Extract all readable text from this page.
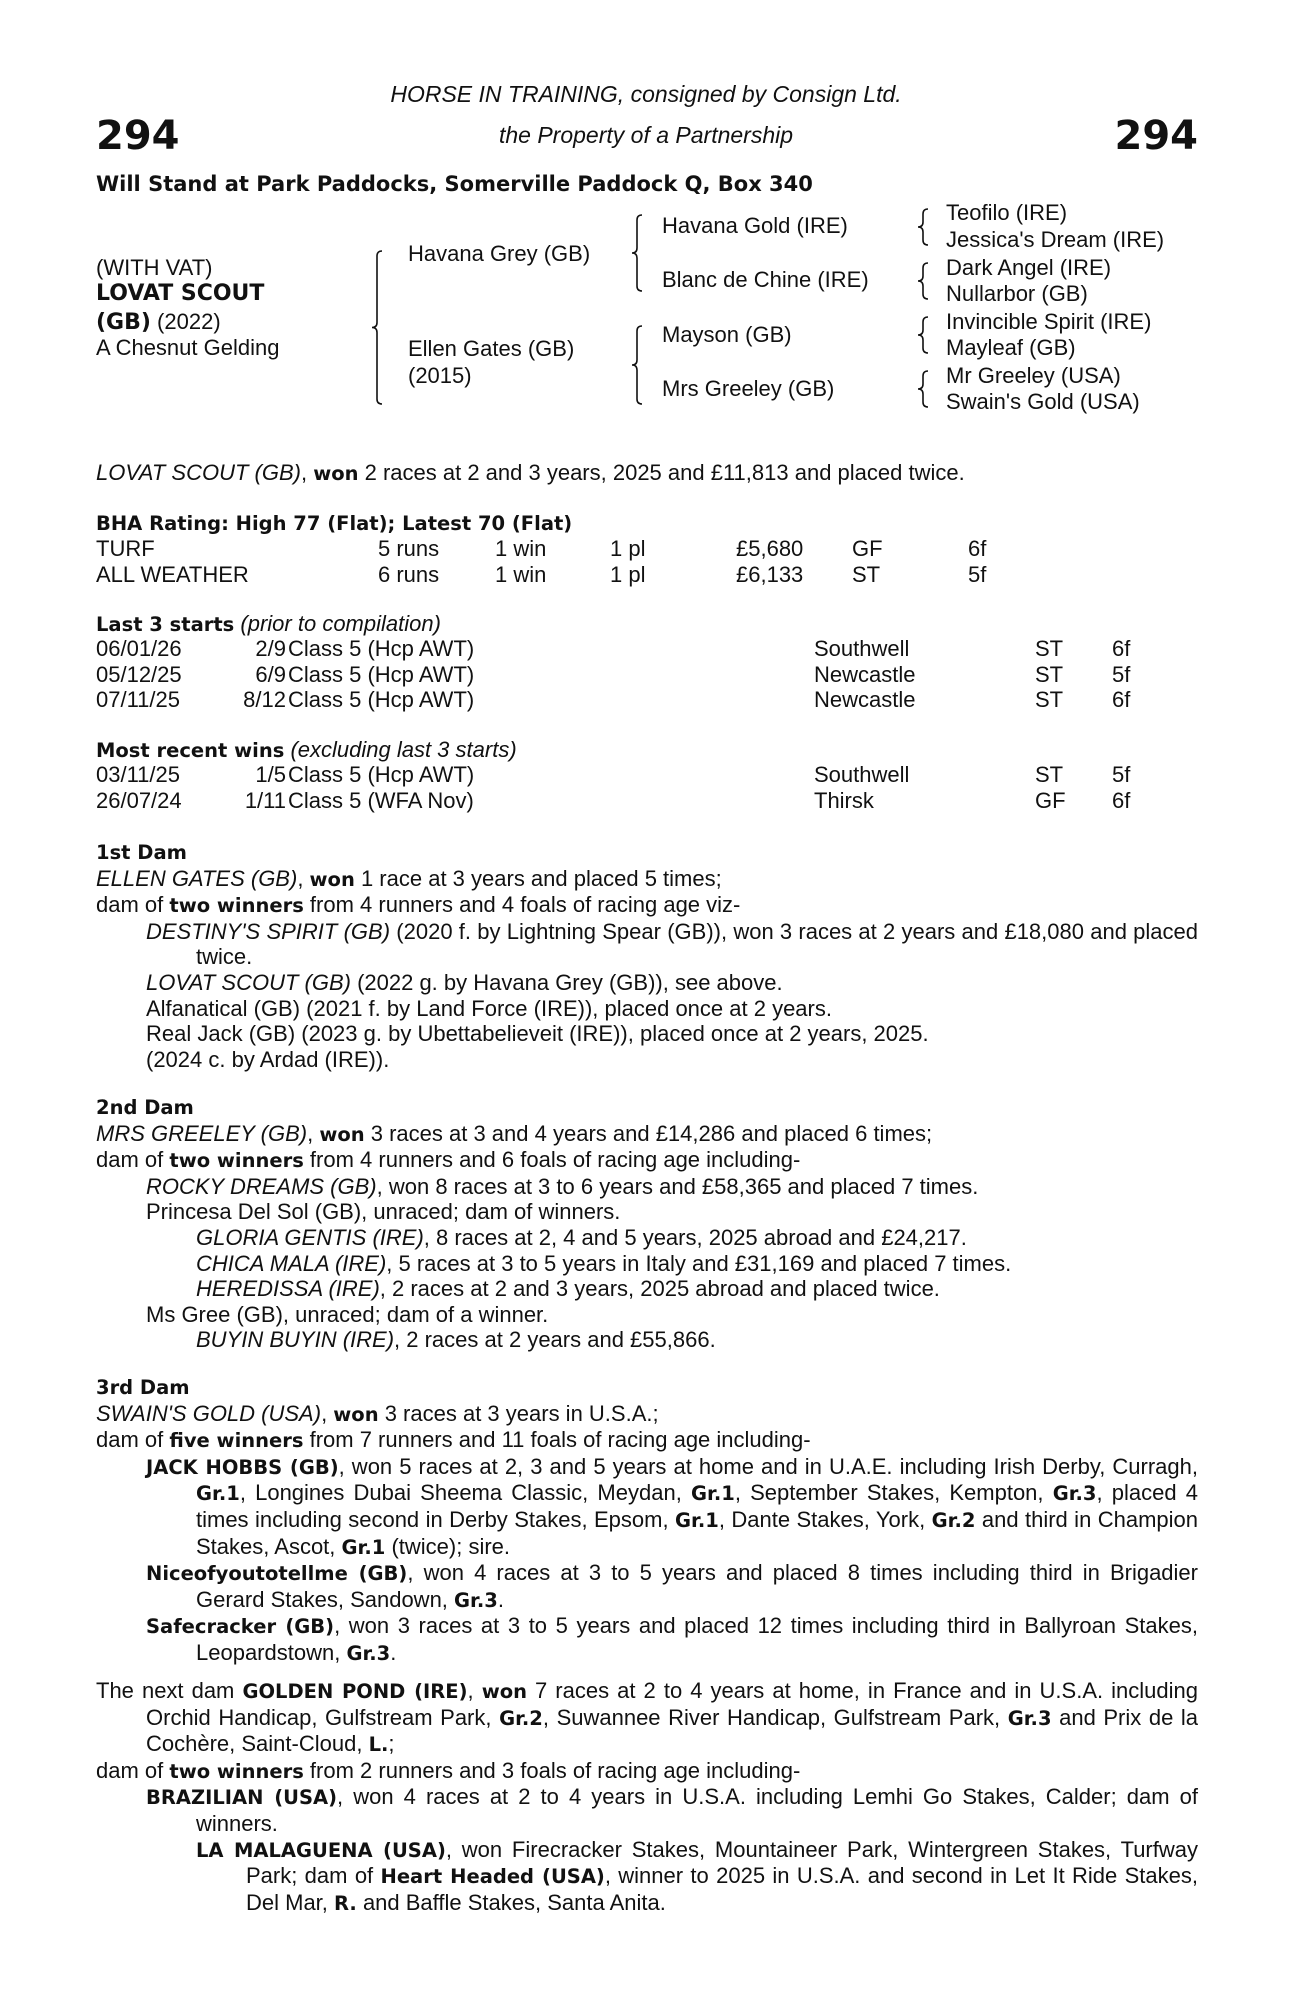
HORSE IN TRAINING, consigned by Consign Ltd.
the Property of a Partnership
294	294
Will Stand at Park Paddocks, Somerville Paddock Q, Box 340
(WITH VAT)
LOVAT SCOUT
(GB) (2022)
A Chesnut Gelding
Havana Grey (GB)
Ellen Gates (GB)
(2015)
Havana Gold (IRE)
Blanc de Chine (IRE)
Mayson (GB)
Mrs Greeley (GB)
Teofilo (IRE)
Jessica's Dream (IRE)
Dark Angel (IRE)
Nullarbor (GB)
Invincible Spirit (IRE)
Mayleaf (GB)
Mr Greeley (USA)
Swain's Gold (USA)
LOVAT SCOUT (GB), won 2 races at 2 and 3 years, 2025 and £11,813 and placed twice.
BHA Rating: High 77 (Flat); Latest 70 (Flat)
TURF	5 runs	1 win	1 pl	£5,680 GF	6f
ALL WEATHER	6 runs	1 win	1 pl	£6,133 ST	5f
Last 3 starts (prior to compilation)
06/01/26	2/9 Class 5 (Hcp AWT)	Southwell	ST 6f
05/12/25	6/9 Class 5 (Hcp AWT)	Newcastle	ST 5f
07/11/25	8/12 Class 5 (Hcp AWT)	Newcastle	ST 6f
Most recent wins (excluding last 3 starts)
03/11/25	1/5 Class 5 (Hcp AWT)	Southwell	ST 5f
26/07/24	1/11 Class 5 (WFA Nov)	Thirsk	GF 6f
1st Dam
ELLEN GATES (GB), won 1 race at 3 years and placed 5 times;
dam of two winners from 4 runners and 4 foals of racing age viz-
DESTINY'S SPIRIT (GB) (2020 f. by Lightning Spear (GB)), won 3 races at 2 years and £18,080 and placed twice.
LOVAT SCOUT (GB) (2022 g. by Havana Grey (GB)), see above.
Alfanatical (GB) (2021 f. by Land Force (IRE)), placed once at 2 years.
Real Jack (GB) (2023 g. by Ubettabelieveit (IRE)), placed once at 2 years, 2025.
(2024 c. by Ardad (IRE)).
2nd Dam
MRS GREELEY (GB), won 3 races at 3 and 4 years and £14,286 and placed 6 times;
dam of two winners from 4 runners and 6 foals of racing age including-
ROCKY DREAMS (GB), won 8 races at 3 to 6 years and £58,365 and placed 7 times.
Princesa Del Sol (GB), unraced; dam of winners.
GLORIA GENTIS (IRE), 8 races at 2, 4 and 5 years, 2025 abroad and £24,217.
CHICA MALA (IRE), 5 races at 3 to 5 years in Italy and £31,169 and placed 7 times.
HEREDISSA (IRE), 2 races at 2 and 3 years, 2025 abroad and placed twice.
Ms Gree (GB), unraced; dam of a winner.
BUYIN BUYIN (IRE), 2 races at 2 years and £55,866.
3rd Dam
SWAIN'S GOLD (USA), won 3 races at 3 years in U.S.A.;
dam of five winners from 7 runners and 11 foals of racing age including-
JACK HOBBS (GB), won 5 races at 2, 3 and 5 years at home and in U.A.E. including Irish Derby, Curragh, Gr.1, Longines Dubai Sheema Classic, Meydan, Gr.1, September Stakes, Kempton, Gr.3, placed 4 times including second in Derby Stakes, Epsom, Gr.1, Dante Stakes, York, Gr.2 and third in Champion Stakes, Ascot, Gr.1 (twice); sire.
Niceofyoutotellme (GB), won 4 races at 3 to 5 years and placed 8 times including third in Brigadier Gerard Stakes, Sandown, Gr.3.
Safecracker (GB), won 3 races at 3 to 5 years and placed 12 times including third in Ballyroan Stakes, Leopardstown, Gr.3.
The next dam GOLDEN POND (IRE), won 7 races at 2 to 4 years at home, in France and in U.S.A. including Orchid Handicap, Gulfstream Park, Gr.2, Suwannee River Handicap, Gulfstream Park, Gr.3 and Prix de la Cochère, Saint-Cloud, L.;
dam of two winners from 2 runners and 3 foals of racing age including-
BRAZILIAN (USA), won 4 races at 2 to 4 years in U.S.A. including Lemhi Go Stakes, Calder; dam of winners.
LA MALAGUENA (USA), won Firecracker Stakes, Mountaineer Park, Wintergreen Stakes, Turfway Park; dam of Heart Headed (USA), winner to 2025 in U.S.A. and second in Let It Ride Stakes, Del Mar, R. and Baffle Stakes, Santa Anita.
